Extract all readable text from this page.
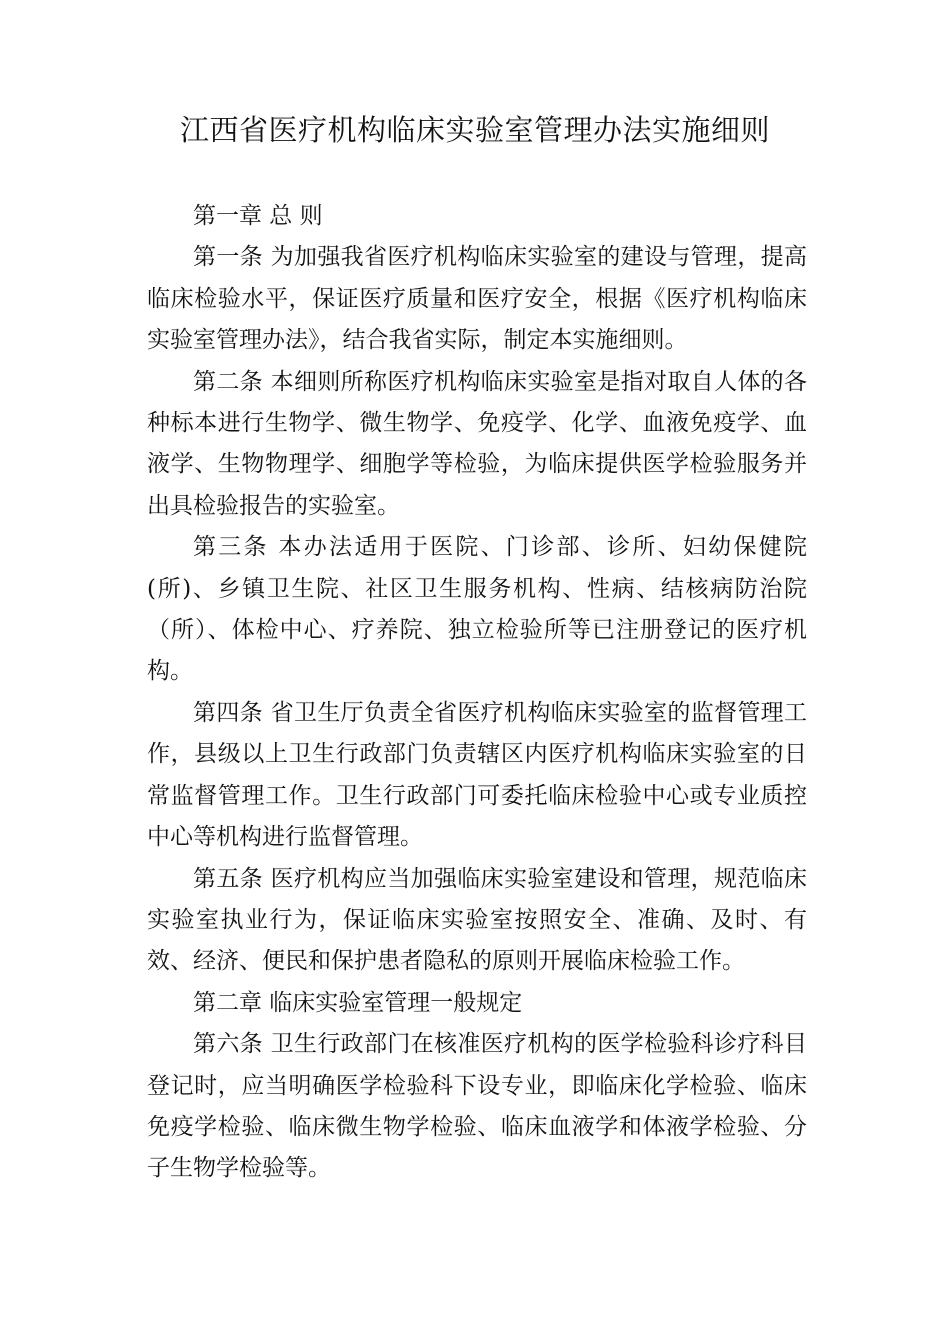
江西省医疗机构临床实验室管理办法实施细则

第一章 总 则

第一条 为加强我省医疗机构临床实验室的建设与管理，提高临床检验水平，保证医疗质量和医疗安全，根据《医疗机构临床实验室管理办法》，结合我省实际，制定本实施细则。

第二条 本细则所称医疗机构临床实验室是指对取自人体的各种标本进行生物学、微生物学、免疫学、化学、血液免疫学、血液学、生物物理学、细胞学等检验，为临床提供医学检验服务并出具检验报告的实验室。

第三条 本办法适用于医院、门诊部、诊所、妇幼保健院(所)、乡镇卫生院、社区卫生服务机构、性病、结核病防治院（所）、体检中心、疗养院、独立检验所等已注册登记的医疗机构。

第四条 省卫生厅负责全省医疗机构临床实验室的监督管理工作，县级以上卫生行政部门负责辖区内医疗机构临床实验室的日常监督管理工作。卫生行政部门可委托临床检验中心或专业质控中心等机构进行监督管理。

第五条 医疗机构应当加强临床实验室建设和管理，规范临床实验室执业行为，保证临床实验室按照安全、准确、及时、有效、经济、便民和保护患者隐私的原则开展临床检验工作。

第二章 临床实验室管理一般规定

第六条 卫生行政部门在核准医疗机构的医学检验科诊疗科目登记时，应当明确医学检验科下设专业，即临床化学检验、临床免疫学检验、临床微生物学检验、临床血液学和体液学检验、分子生物学检验等。
